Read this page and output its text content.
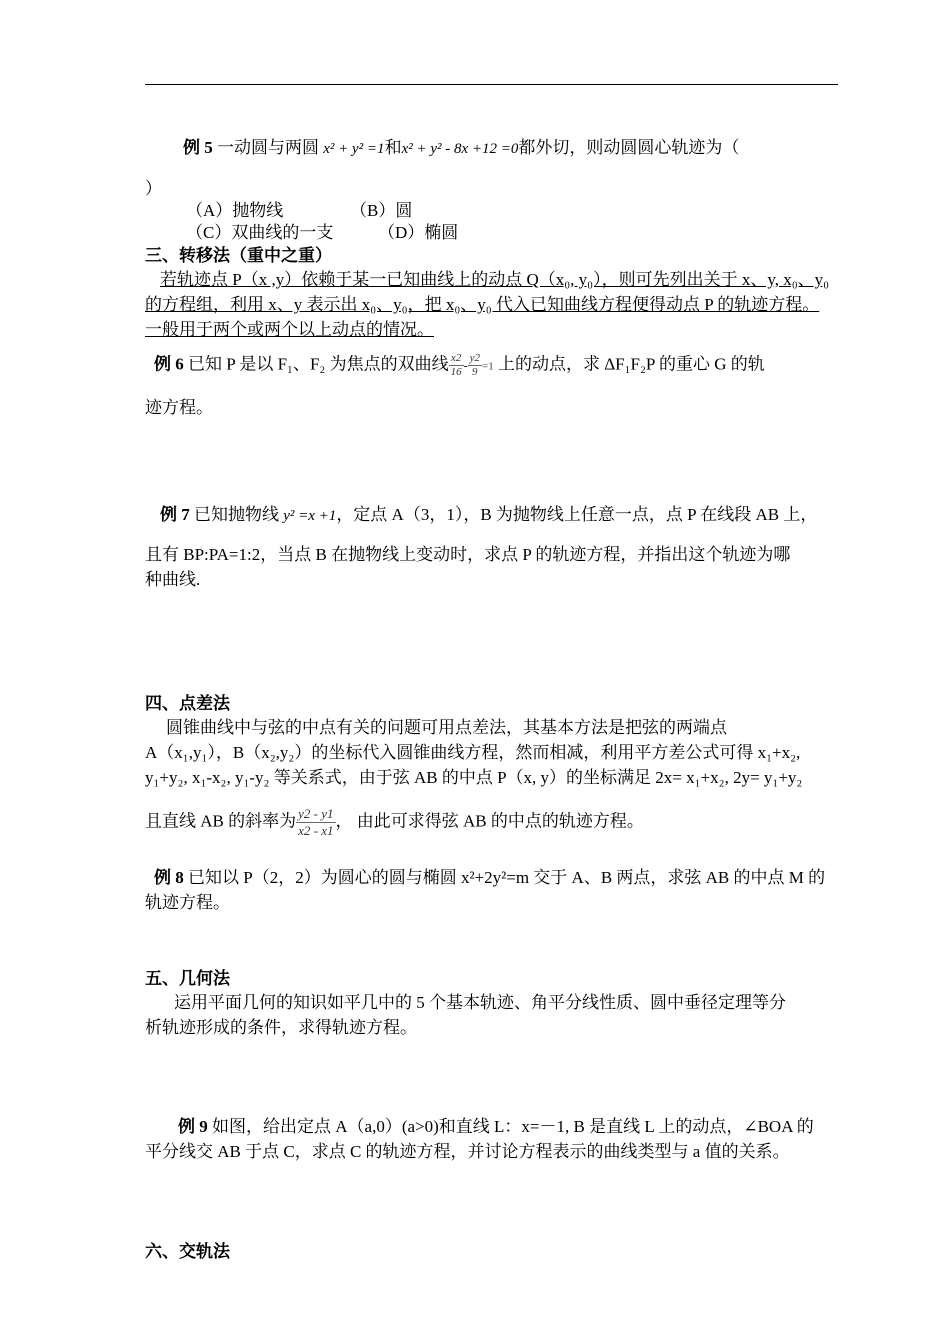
例 5 一动圆与两圆 x² + y² =1和x² + y² - 8x +12 =0都外切，则动圆圆心轨迹为（
）
（A）抛物线	（B）圆
（C）双曲线的一支	（D）椭圆
三、转移法（重中之重）
若轨迹点 P（x ,y）依赖于某一已知曲线上的动点 Q（x₀, y₀），则可先列出关于 x、y, x₀、y₀
的方程组，利用 x、y 表示出 x₀、y₀，把 x₀、y₀ 代入已知曲线方程便得动点 P 的轨迹方程。
一般用于两个或两个以上动点的情况。
例 6 已知 P 是以 F₁、F₂ 为焦点的双曲线 $\frac{x2}{16} - \frac{y2}{9} =1$ 上的动点，求 ΔF₁F₂P 的重心 G 的轨
迹方程。
例 7 已知抛物线 y² =x +1，定点 A（3，1），B 为抛物线上任意一点，点 P 在线段 AB 上，
且有 BP:PA=1:2，当点 B 在抛物线上变动时，求点 P 的轨迹方程，并指出这个轨迹为哪
种曲线.
四、点差法
圆锥曲线中与弦的中点有关的问题可用点差法，其基本方法是把弦的两端点
A（x₁,y₁），B（x₂,y₂）的坐标代入圆锥曲线方程，然而相减，利用平方差公式可得 x₁+x₂,
y₁+y₂, x₁-x₂, y₁-y₂ 等关系式，由于弦 AB 的中点 P（x, y）的坐标满足 2x= x₁+x₂, 2y= y₁+y₂
且直线 AB 的斜率为 $\frac{y2 - y1}{x2 - x1}$ ， 由此可求得弦 AB 的中点的轨迹方程。
例 8 已知以 P（2，2）为圆心的圆与椭圆 x²+2y²=m 交于 A、B 两点，求弦 AB 的中点 M 的
轨迹方程。
五、几何法
运用平面几何的知识如平几中的 5 个基本轨迹、角平分线性质、圆中垂径定理等分
析轨迹形成的条件，求得轨迹方程。
例 9 如图，给出定点 A（a,0）(a>0)和直线 L：x=－1, B 是直线 L 上的动点，∠BOA 的
平分线交 AB 于点 C，求点 C 的轨迹方程，并讨论方程表示的曲线类型与 a 值的关系。
六、交轨法
